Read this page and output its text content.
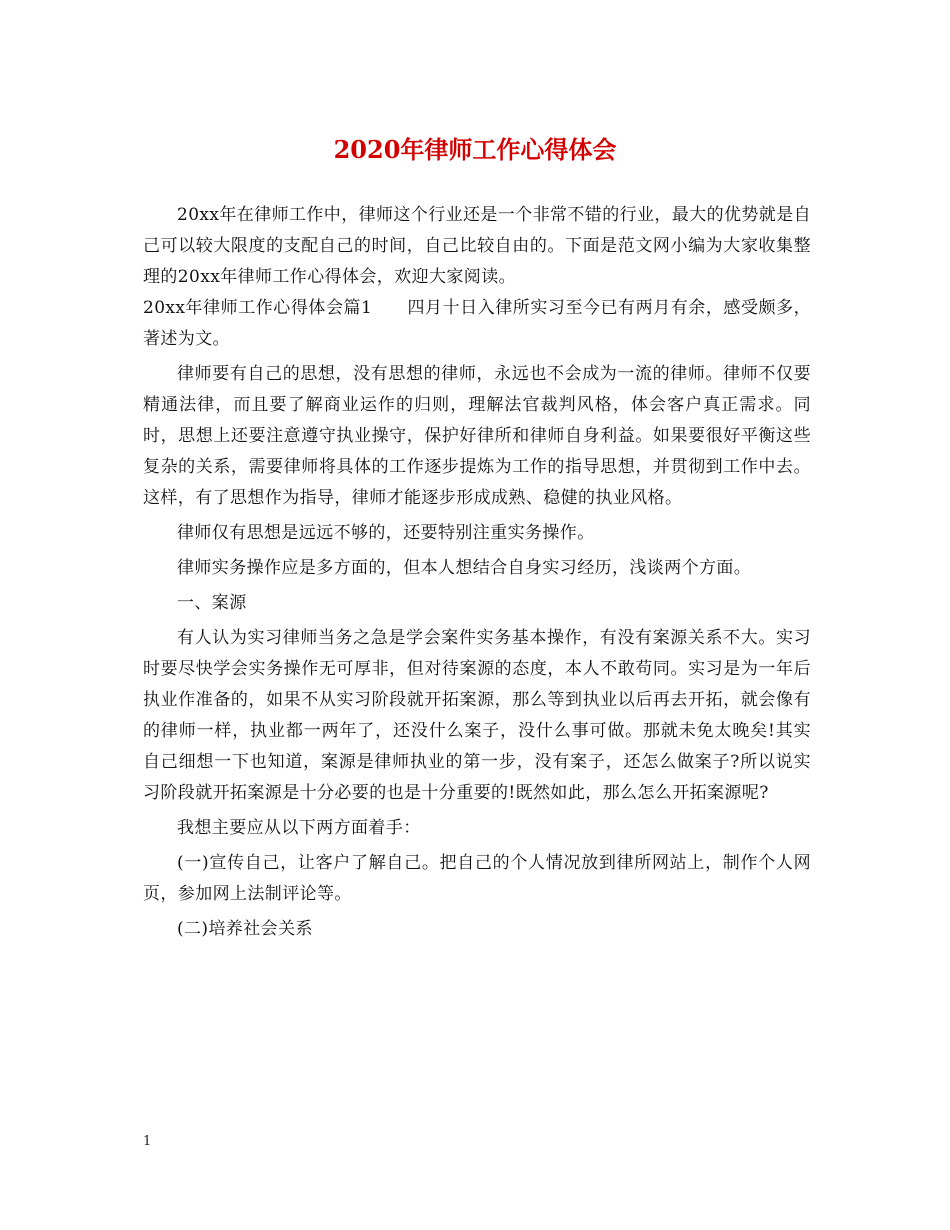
2020年律师工作心得体会

20xx年在律师工作中，律师这个行业还是一个非常不错的行业，最大的优势就是自己可以较大限度的支配自己的时间，自己比较自由的。下面是范文网小编为大家收集整理的20xx年律师工作心得体会，欢迎大家阅读。

20xx年律师工作心得体会篇1　　四月十日入律所实习至今已有两月有余，感受颇多，著述为文。

律师要有自己的思想，没有思想的律师，永远也不会成为一流的律师。律师不仅要精通法律，而且要了解商业运作的归则，理解法官裁判风格，体会客户真正需求。同时，思想上还要注意遵守执业操守，保护好律所和律师自身利益。如果要很好平衡这些复杂的关系，需要律师将具体的工作逐步提炼为工作的指导思想，并贯彻到工作中去。这样，有了思想作为指导，律师才能逐步形成成熟、稳健的执业风格。

律师仅有思想是远远不够的，还要特别注重实务操作。

律师实务操作应是多方面的，但本人想结合自身实习经历，浅谈两个方面。

一、案源

有人认为实习律师当务之急是学会案件实务基本操作，有没有案源关系不大。实习时要尽快学会实务操作无可厚非，但对待案源的态度，本人不敢苟同。实习是为一年后执业作准备的，如果不从实习阶段就开拓案源，那么等到执业以后再去开拓，就会像有的律师一样，执业都一两年了，还没什么案子，没什么事可做。那就未免太晚矣!其实自己细想一下也知道，案源是律师执业的第一步，没有案子，还怎么做案子?所以说实习阶段就开拓案源是十分必要的也是十分重要的!既然如此，那么怎么开拓案源呢?

我想主要应从以下两方面着手：

(一)宣传自己，让客户了解自己。把自己的个人情况放到律所网站上，制作个人网页，参加网上法制评论等。

(二)培养社会关系

1
